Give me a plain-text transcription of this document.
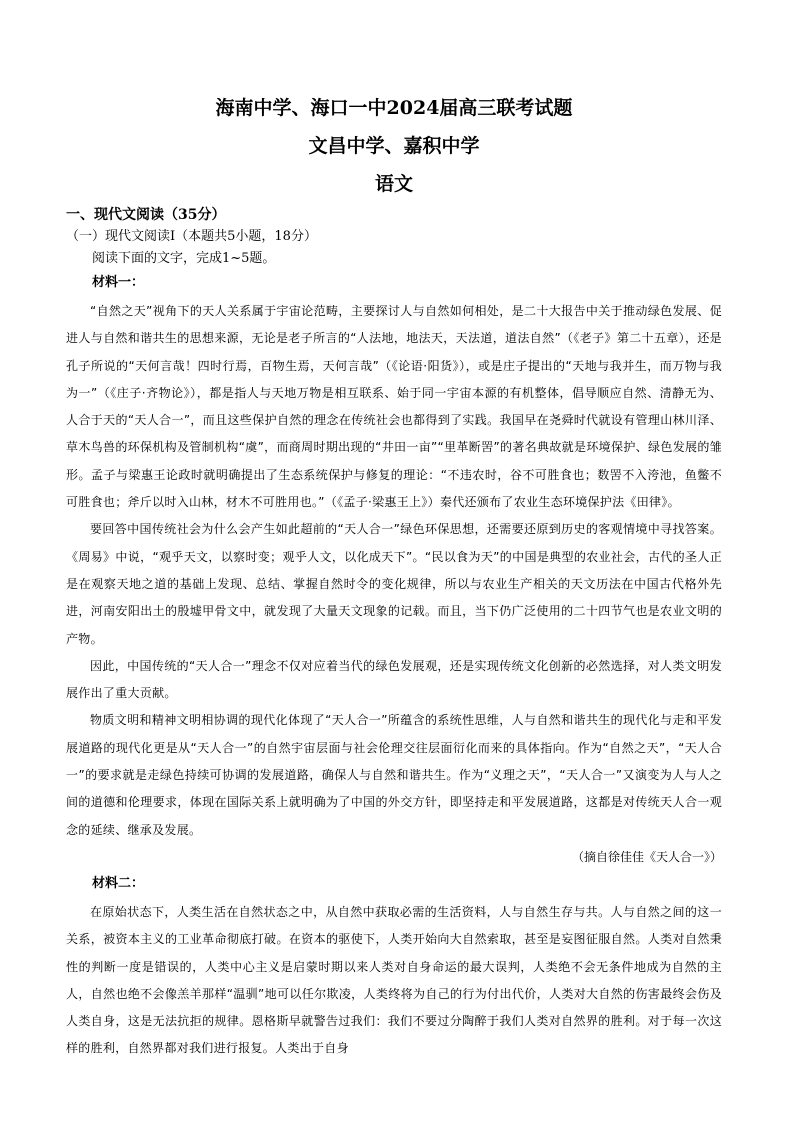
海南中学、海口一中2024届高三联考试题
文昌中学、嘉积中学
语文

一、现代文阅读（35分）

（一）现代文阅读Ⅰ（本题共5小题，18分）

阅读下面的文字，完成1~5题。

材料一：

“自然之天”视角下的天人关系属于宇宙论范畴，主要探讨人与自然如何相处，是二十大报告中关于推动绿色发展、促进人与自然和谐共生的思想来源，无论是老子所言的“人法地，地法天，天法道，道法自然”（《老子》第二十五章），还是孔子所说的“天何言哉！四时行焉，百物生焉，天何言哉”（《论语·阳货》），或是庄子提出的“天地与我并生，而万物与我为一”（《庄子·齐物论》），都是指人与天地万物是相互联系、始于同一宇宙本源的有机整体，倡导顺应自然、清静无为、人合于天的“天人合一”，而且这些保护自然的理念在传统社会也都得到了实践。我国早在尧舜时代就设有管理山林川泽、草木鸟兽的环保机构及管制机构“虞”，而商周时期出现的“井田一亩”“里革断罟”的著名典故就是环境保护、绿色发展的雏形。孟子与梁惠王论政时就明确提出了生态系统保护与修复的理论：“不违农时，谷不可胜食也；数罟不入洿池，鱼鳖不可胜食也；斧斤以时入山林，材木不可胜用也。”（《孟子·梁惠王上》）秦代还颁布了农业生态环境保护法《田律》。

要回答中国传统社会为什么会产生如此超前的“天人合一”绿色环保思想，还需要还原到历史的客观情境中寻找答案。《周易》中说，“观乎天文，以察时变；观乎人文，以化成天下”。“民以食为天”的中国是典型的农业社会，古代的圣人正是在观察天地之道的基础上发现、总结、掌握自然时令的变化规律，所以与农业生产相关的天文历法在中国古代格外先进，河南安阳出土的殷墟甲骨文中，就发现了大量天文现象的记载。而且，当下仍广泛使用的二十四节气也是农业文明的产物。

因此，中国传统的“天人合一”理念不仅对应着当代的绿色发展观，还是实现传统文化创新的必然选择，对人类文明发展作出了重大贡献。

物质文明和精神文明相协调的现代化体现了“天人合一”所蕴含的系统性思维，人与自然和谐共生的现代化与走和平发展道路的现代化更是从“天人合一”的自然宇宙层面与社会伦理交往层面衍化而来的具体指向。作为“自然之天”，“天人合一”的要求就是走绿色持续可协调的发展道路，确保人与自然和谐共生。作为“义理之天”，“天人合一”又演变为人与人之间的道德和伦理要求，体现在国际关系上就明确为了中国的外交方针，即坚持走和平发展道路，这都是对传统天人合一观念的延续、继承及发展。

（摘自徐佳佳《天人合一》）

材料二：

在原始状态下，人类生活在自然状态之中，从自然中获取必需的生活资料，人与自然生存与共。人与自然之间的这一关系，被资本主义的工业革命彻底打破。在资本的驱使下，人类开始向大自然索取，甚至是妄图征服自然。人类对自然秉性的判断一度是错误的，人类中心主义是启蒙时期以来人类对自身命运的最大误判，人类绝不会无条件地成为自然的主人，自然也绝不会像羔羊那样“温驯”地可以任尔欺凌，人类终将为自己的行为付出代价，人类对大自然的伤害最终会伤及人类自身，这是无法抗拒的规律。恩格斯早就警告过我们：我们不要过分陶醉于我们人类对自然界的胜利。对于每一次这样的胜利，自然界都对我们进行报复。人类出于自身
